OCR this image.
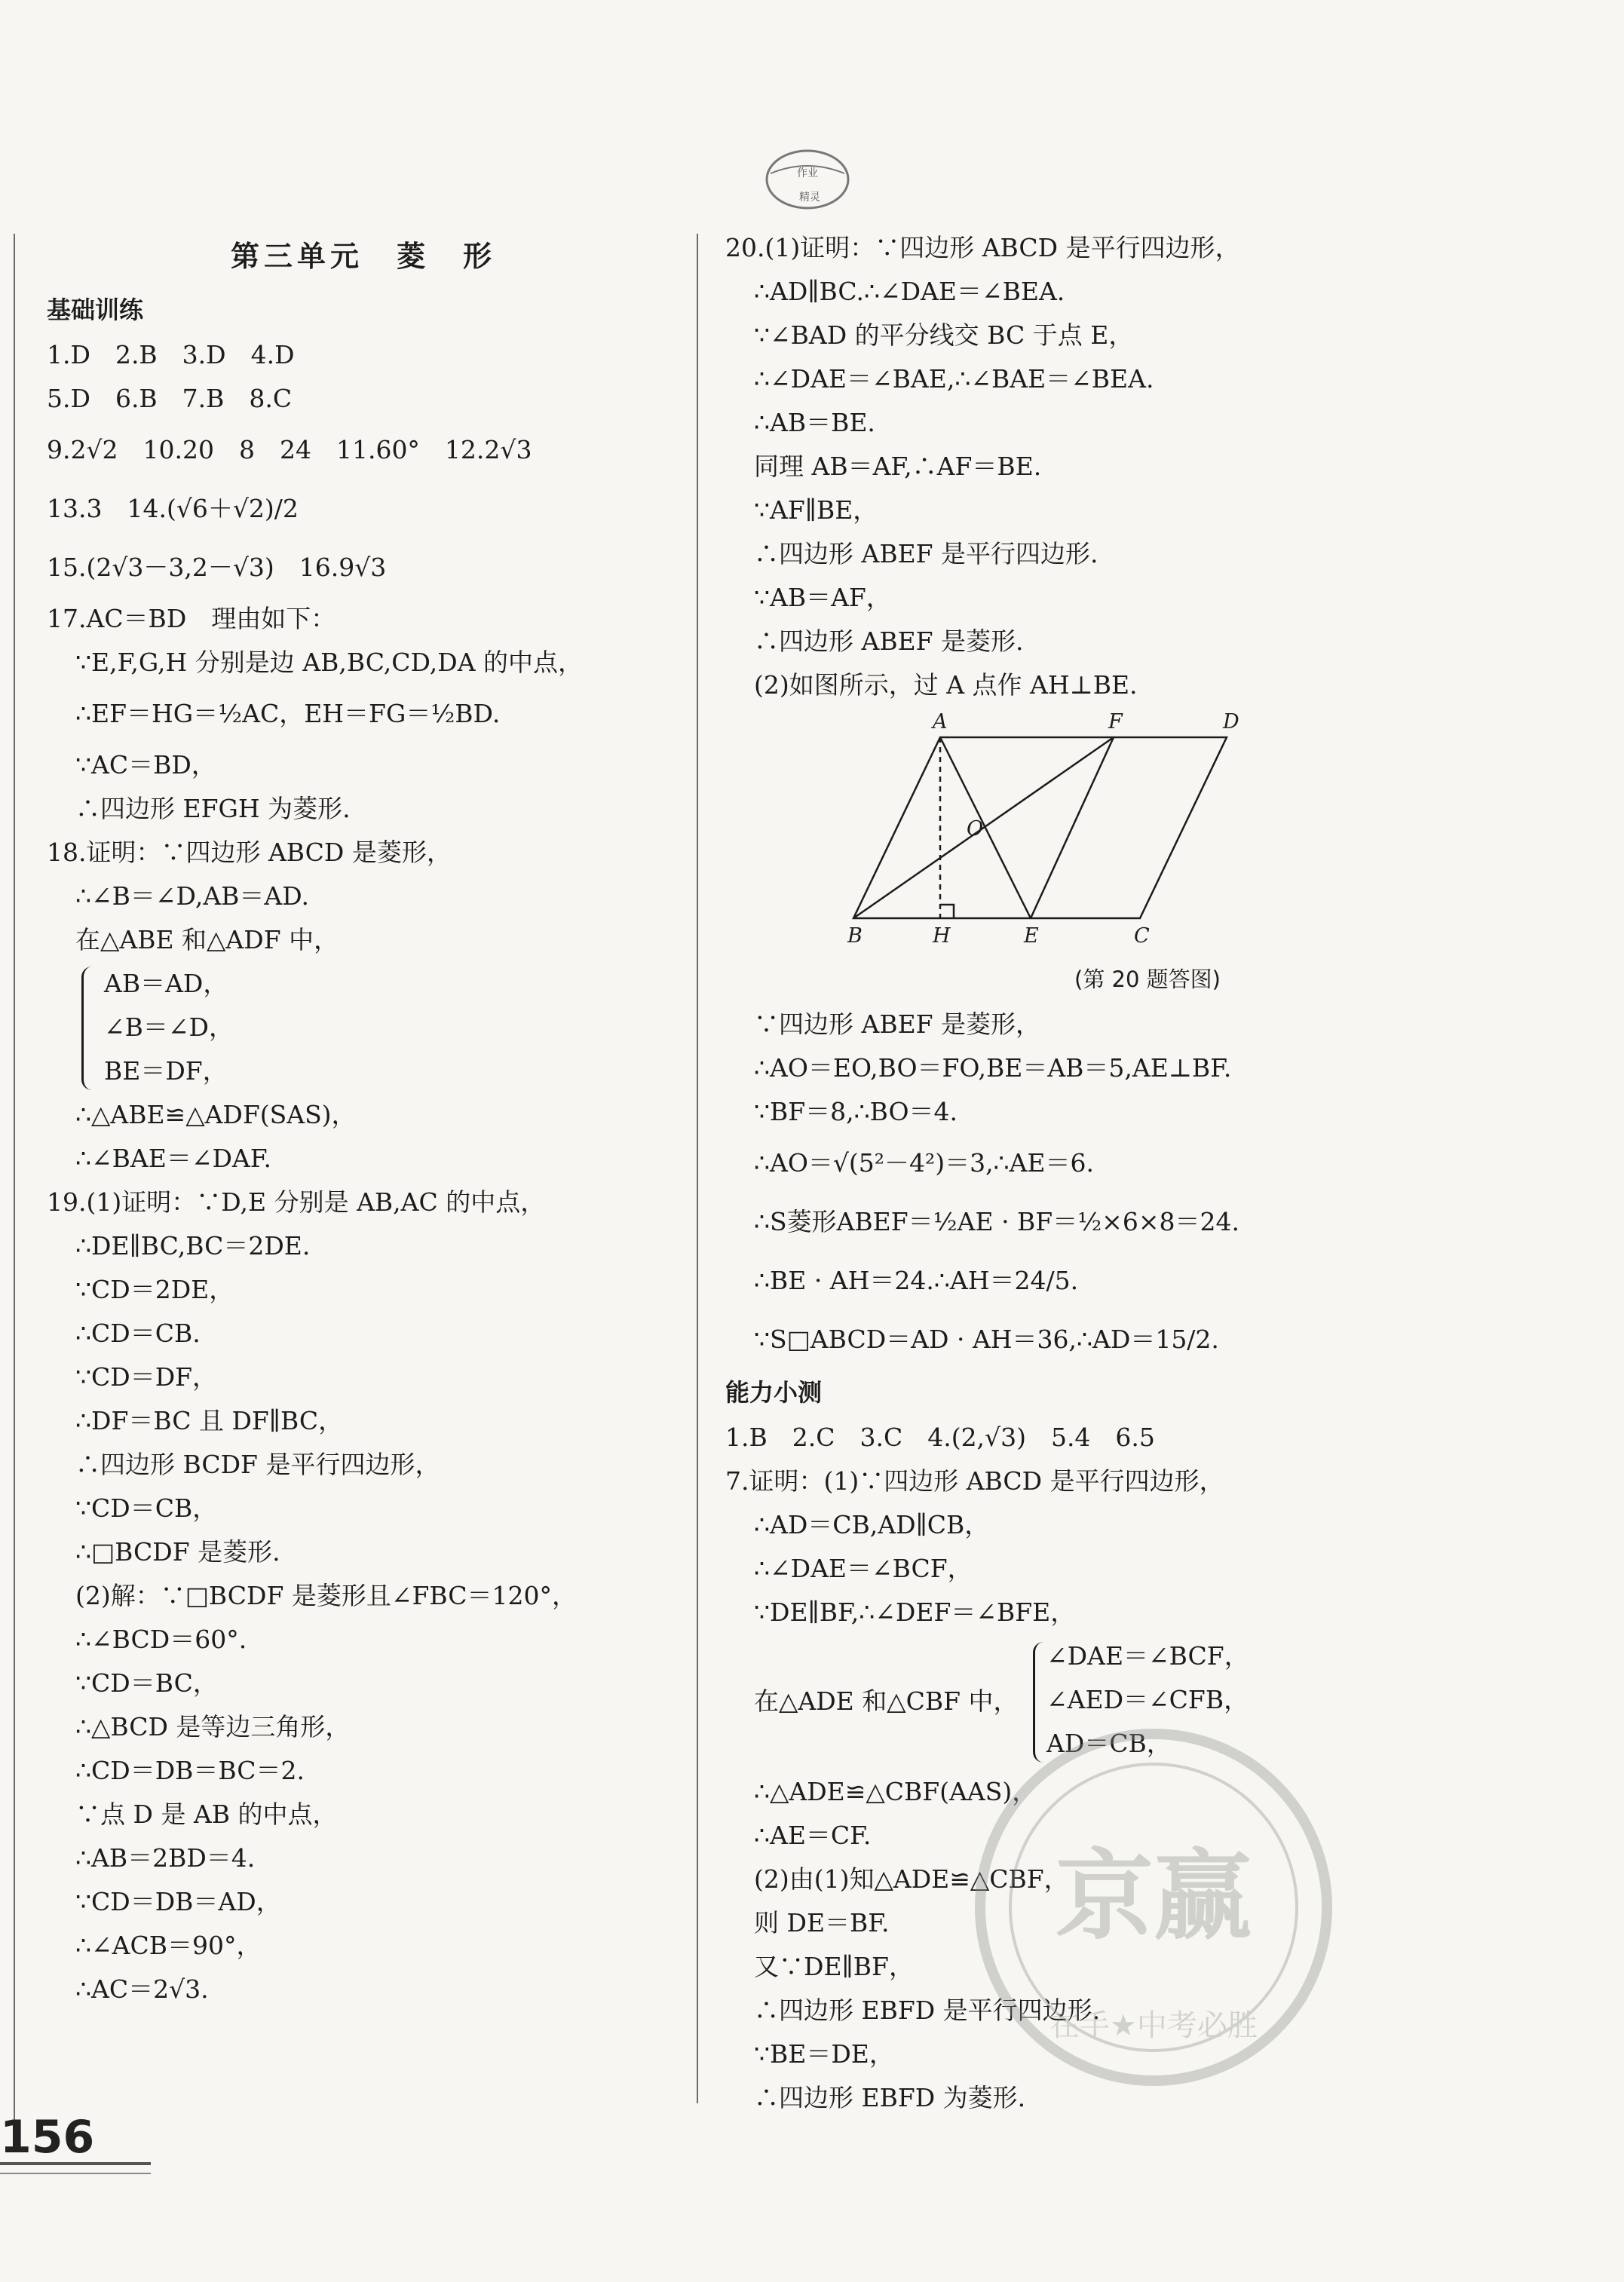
作业
精灵
第三单元　菱　形
基础训练
1.D　2.B　3.D　4.D
5.D　6.B　7.B　8.C
9.2√2　10.20　8　24　11.60°　12.2√3
13.3　14.(√6＋√2)/2
15.(2√3－3,2－√3)　16.9√3
17.AC＝BD　理由如下：
∵E,F,G,H 分别是边 AB,BC,CD,DA 的中点，
∴EF＝HG＝½AC，EH＝FG＝½BD.
∵AC＝BD，
∴四边形 EFGH 为菱形.
18.证明：∵四边形 ABCD 是菱形，
∴∠B＝∠D,AB＝AD.
在△ABE 和△ADF 中，
AB＝AD，
∠B＝∠D，
BE＝DF，
∴△ABE≌△ADF(SAS)，
∴∠BAE＝∠DAF.
19.(1)证明：∵D,E 分别是 AB,AC 的中点，
∴DE∥BC,BC＝2DE.
∵CD＝2DE，
∴CD＝CB.
∵CD＝DF，
∴DF＝BC 且 DF∥BC，
∴四边形 BCDF 是平行四边形，
∵CD＝CB，
∴□BCDF 是菱形.
(2)解：∵□BCDF 是菱形且∠FBC＝120°，
∴∠BCD＝60°.
∵CD＝BC，
∴△BCD 是等边三角形，
∴CD＝DB＝BC＝2.
∵点 D 是 AB 的中点，
∴AB＝2BD＝4.
∵CD＝DB＝AD，
∴∠ACB＝90°，
∴AC＝2√3.
20.(1)证明：∵四边形 ABCD 是平行四边形，
∴AD∥BC.∴∠DAE＝∠BEA.
∵∠BAD 的平分线交 BC 于点 E，
∴∠DAE＝∠BAE,∴∠BAE＝∠BEA.
∴AB＝BE.
同理 AB＝AF,∴AF＝BE.
∵AF∥BE，
∴四边形 ABEF 是平行四边形.
∵AB＝AF，
∴四边形 ABEF 是菱形.
(2)如图所示，过 A 点作 AH⊥BE.
A	F	D
O
B	H	E	C
(第 20 题答图)
∵四边形 ABEF 是菱形，
∴AO＝EO,BO＝FO,BE＝AB＝5,AE⊥BF.
∵BF＝8,∴BO＝4.
∴AO＝√(5²－4²)＝3,∴AE＝6.
∴S菱形ABEF＝½AE · BF＝½×6×8＝24.
∴BE · AH＝24.∴AH＝24/5.
∵S□ABCD＝AD · AH＝36,∴AD＝15/2.
能力小测
1.B　2.C　3.C　4.(2,√3)　5.4　6.5
7.证明：(1)∵四边形 ABCD 是平行四边形，
∴AD＝CB,AD∥CB，
∴∠DAE＝∠BCF，
∵DE∥BF,∴∠DEF＝∠BFE，
在△ADE 和△CBF 中，
∠DAE＝∠BCF，
∠AED＝∠CFB，
AD＝CB，
∴△ADE≌△CBF(AAS)，
∴AE＝CF.
(2)由(1)知△ADE≌△CBF，
则 DE＝BF.
又∵DE∥BF，
∴四边形 EBFD 是平行四边形.
∵BE＝DE，
∴四边形 EBFD 为菱形.
京赢
在手★中考必胜
156
